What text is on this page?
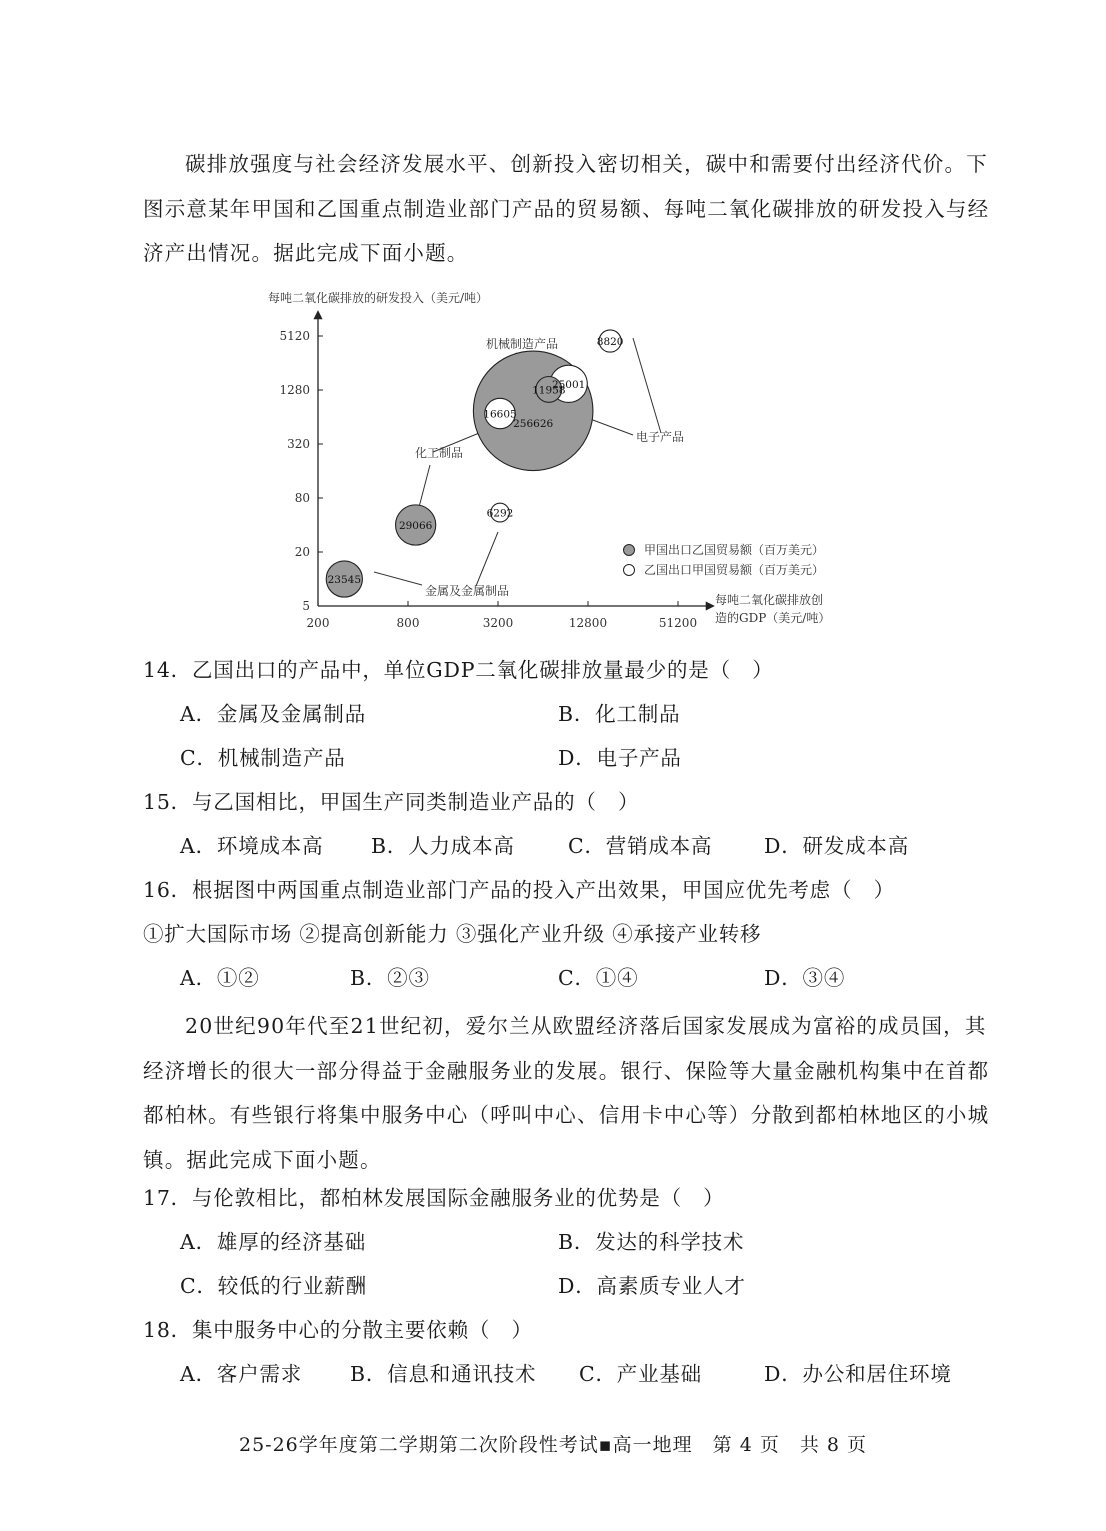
碳排放强度与社会经济发展水平、创新投入密切相关，碳中和需要付出经济代价。下图示意某年甲国和乙国重点制造业部门产品的贸易额、每吨二氧化碳排放的研发投入与经济产出情况。据此完成下面小题。

每吨二氧化碳排放的研发投入（美元/吨）
每吨二氧化碳排放创
造的GDP（美元/吨）
200	800	3200	12800	51200
5
20
80
320
1280
5120
256626
29066
25001
23545
16605
11958
8820
6292
机械制造产品
电子产品
化工制品
金属及金属制品
甲国出口乙国贸易额（百万美元）
乙国出口甲国贸易额（百万美元）

14．乙国出口的产品中，单位GDP二氧化碳排放量最少的是（　）

A．金属及金属制品	B．化工制品

C．机械制造产品	D．电子产品

15．与乙国相比，甲国生产同类制造业产品的（　）

A．环境成本高 B．人力成本高	C．营销成本高	D．研发成本高

16．根据图中两国重点制造业部门产品的投入产出效果，甲国应优先考虑（　）

①扩大国际市场 ②提高创新能力 ③强化产业升级 ④承接产业转移

A．①②	B．②③	C．①④	D．③④

20世纪90年代至21世纪初，爱尔兰从欧盟经济落后国家发展成为富裕的成员国，其经济增长的很大一部分得益于金融服务业的发展。银行、保险等大量金融机构集中在首都都柏林。有些银行将集中服务中心（呼叫中心、信用卡中心等）分散到都柏林地区的小城镇。据此完成下面小题。

17．与伦敦相比，都柏林发展国际金融服务业的优势是（　）

A．雄厚的经济基础	B．发达的科学技术

C．较低的行业薪酬	D．高素质专业人才

18．集中服务中心的分散主要依赖（　）

A．客户需求 B．信息和通讯技术 C．产业基础	D．办公和居住环境

25-26学年度第二学期第二次阶段性考试▪高一地理　第 4 页　共 8 页
